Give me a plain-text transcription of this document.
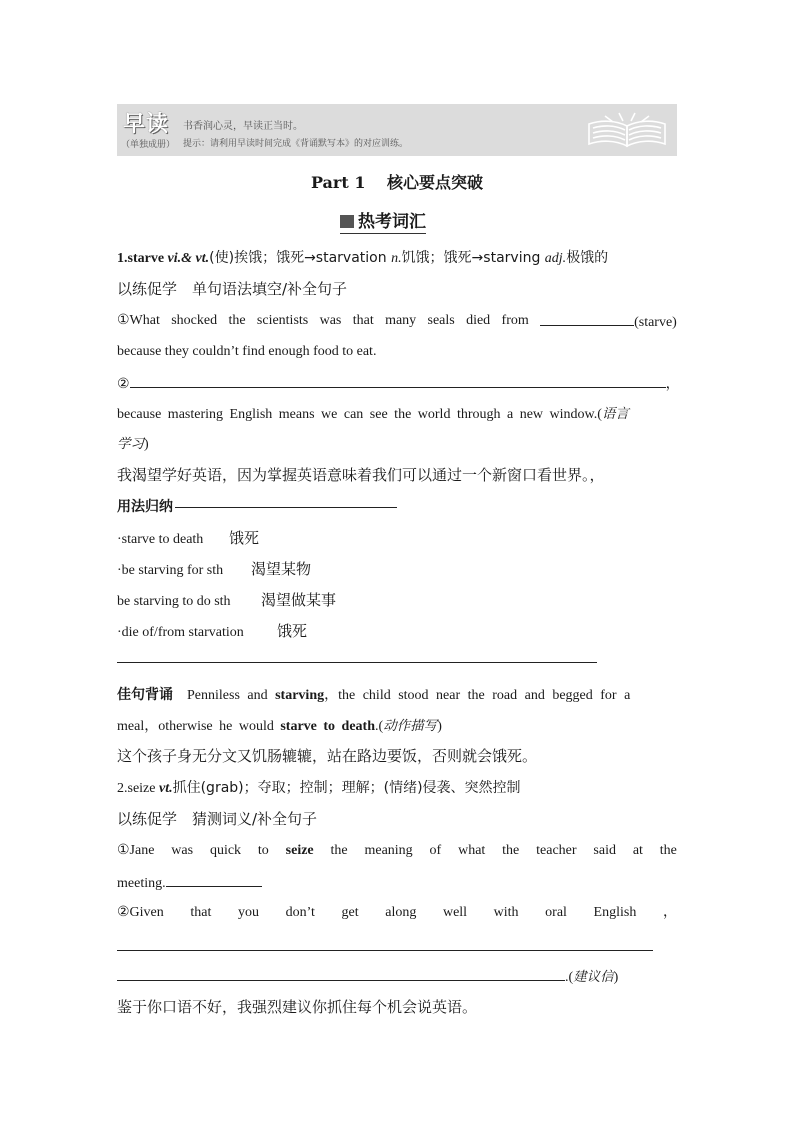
早读
（单独成册）
书香润心灵，早读正当时。
提示：请利用早读时间完成《背诵默写本》的对应训练。
Part 1　 核心要点突破
热考词汇
1.starve vi.& vt.(使)挨饿；饿死→starvation n.饥饿；饿死→starving adj.极饿的
以练促学　单句语法填空/补全句子
①What shocked the scientists was that many seals died from	(starve)
because they couldn’t find enough food to eat.
②	，
because mastering English means we can see the world through a new window.(语言
学习)
我渴望学好英语，因为掌握英语意味着我们可以通过一个新窗口看世界。，
用法归纳
·starve to death 饿死
·be starving for sth 渴望某物
be starving to do sth 渴望做某事
·die of/from starvation 饿死
佳句背诵 Penniless and starving，the child stood near the road and begged for a
meal，otherwise he would starve to death.(动作描写)
这个孩子身无分文又饥肠辘辘，站在路边要饭，否则就会饿死。
2.seize vt.抓住(grab)；夺取；控制；理解；(情绪)侵袭、突然控制
以练促学　猜测词义/补全句子
①Jane was quick to seize the meaning of what the teacher said at the
meeting.
②Given that you don’t get along well with oral English ，
.(建议信)
鉴于你口语不好，我强烈建议你抓住每个机会说英语。
